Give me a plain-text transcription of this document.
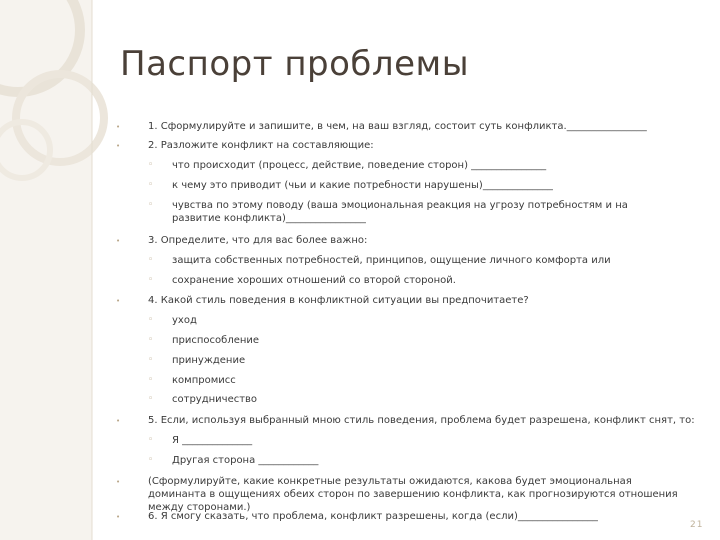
Паспорт проблемы
•	1. Сформулируйте и запишите, в чем, на ваш взгляд, состоит суть конфликта.________________
•	2. Разложите конфликт на составляющие:
◦ что происходит (процесс, действие, поведение сторон) _______________
◦ к чему это приводит (чьи и какие потребности нарушены)______________
◦ чувства по этому поводу (ваша эмоциональная реакция на угрозу потребностям и на развитие конфликта)________________
•	3. Определите, что для вас более важно:
◦ защита собственных потребностей, принципов, ощущение личного комфорта или
◦ сохранение хороших отношений со второй стороной.
•	4. Какой стиль поведения в конфликтной ситуации вы предпочитаете?
◦ уход
◦ приспособление
◦ принуждение
◦ компромисс
◦ сотрудничество
•	5. Если, используя выбранный мною стиль поведения, проблема будет разрешена, конфликт снят, то:
◦ Я ______________
◦ Другая сторона ____________
•	(Сформулируйте, какие конкретные результаты ожидаются, какова будет эмоциональная доминанта в ощущениях обеих сторон по завершению конфликта, как прогнозируются отношения между сторонами.)
•	6. Я смогу сказать, что проблема, конфликт разрешены, когда (если)________________
21
